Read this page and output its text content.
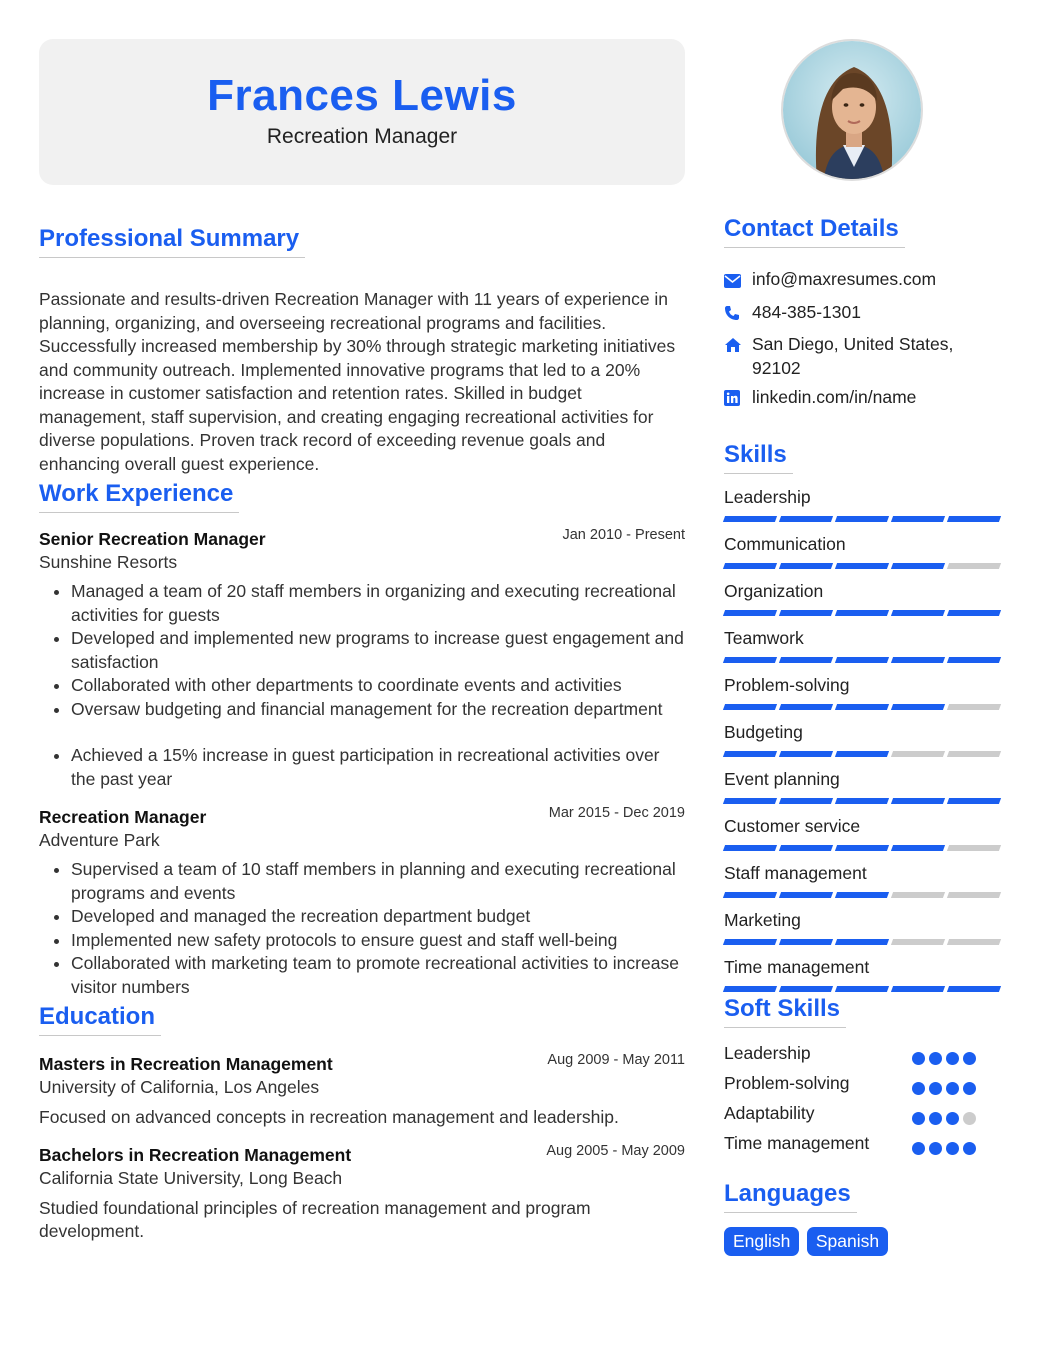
Frances Lewis
Recreation Manager
Professional Summary

Passionate and results-driven Recreation Manager with 11 years of experience in planning, organizing, and overseeing recreational programs and facilities. Successfully increased membership by 30% through strategic marketing initiatives and community outreach. Implemented innovative programs that led to a 20% increase in customer satisfaction and retention rates. Skilled in budget management, staff supervision, and creating engaging recreational activities for diverse populations. Proven track record of exceeding revenue goals and enhancing overall guest experience.

Work Experience
Senior Recreation Manager	Jan 2010 - Present
Sunshine Resorts
• Managed a team of 20 staff members in organizing and executing recreational activities for guests
• Developed and implemented new programs to increase guest engagement and satisfaction
• Collaborated with other departments to coordinate events and activities
• Oversaw budgeting and financial management for the recreation department
• Achieved a 15% increase in guest participation in recreational activities over the past year
Recreation Manager	Mar 2015 - Dec 2019
Adventure Park
• Supervised a team of 10 staff members in planning and executing recreational programs and events
• Developed and managed the recreation department budget
• Implemented new safety protocols to ensure guest and staff well-being
• Collaborated with marketing team to promote recreational activities to increase visitor numbers
Education
Masters in Recreation Management	Aug 2009 - May 2011
University of California, Los Angeles

Focused on advanced concepts in recreation management and leadership.

Bachelors in Recreation Management	Aug 2005 - May 2009
California State University, Long Beach

Studied foundational principles of recreation management and program development.

Contact Details
info@maxresumes.com
484-385-1301
San Diego, United States, 92102
linkedin.com/in/name
Skills
Leadership
Communication
Organization
Teamwork
Problem-solving
Budgeting
Event planning
Customer service
Staff management
Marketing
Time management
Soft Skills
Leadership
Problem-solving
Adaptability
Time management
Languages
English Spanish
